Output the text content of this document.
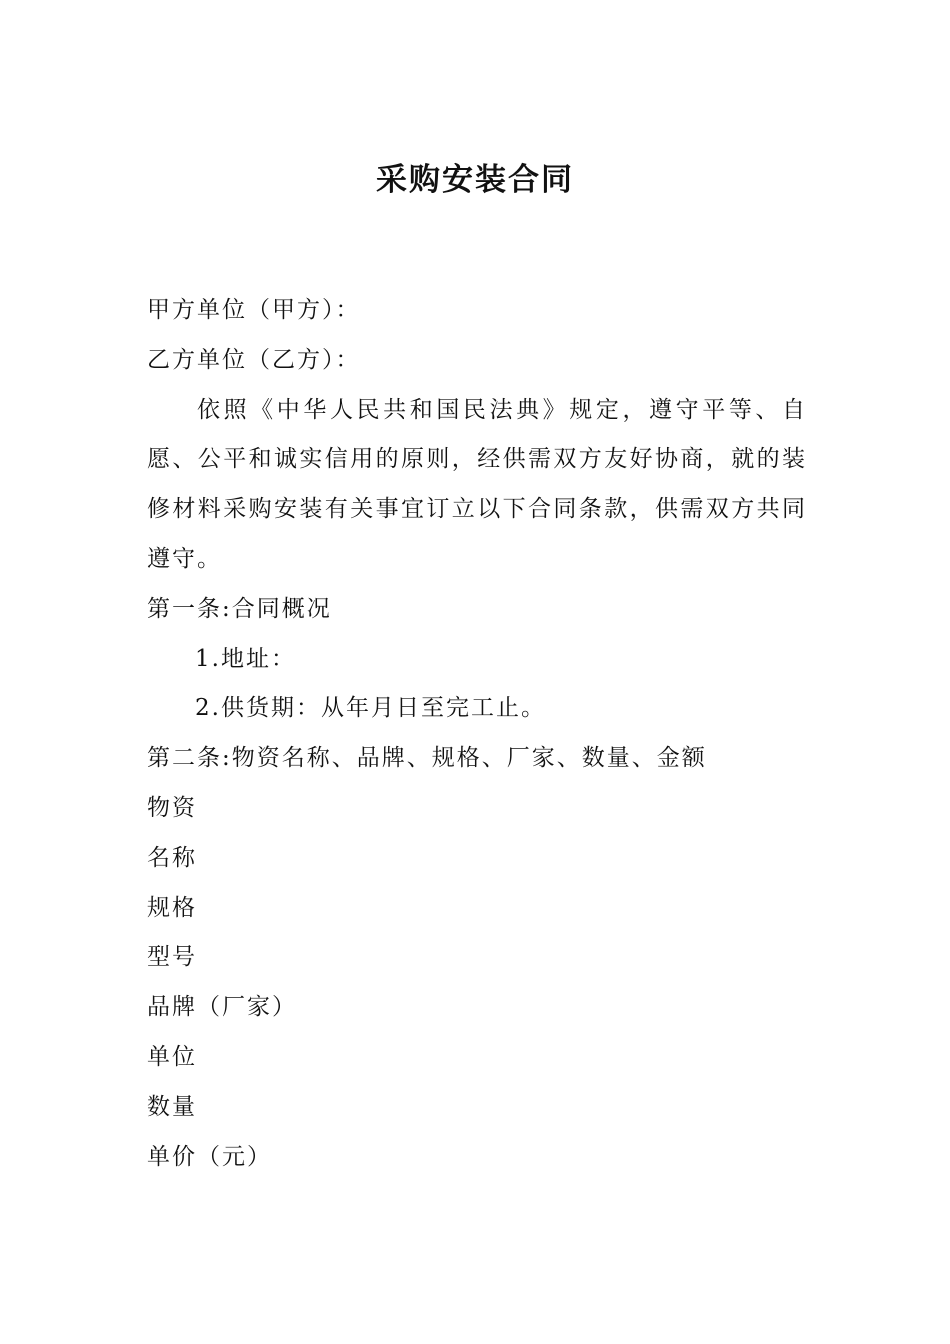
采购安装合同
甲方单位（甲方）：
乙方单位（乙方）：
依照《中华人民共和国民法典》规定，遵守平等、自愿、公平和诚实信用的原则，经供需双方友好协商，就的装修材料采购安装有关事宜订立以下合同条款，供需双方共同遵守。
第一条:合同概况
1.地址：
2.供货期：从年月日至完工止。
第二条:物资名称、品牌、规格、厂家、数量、金额
物资
名称
规格
型号
品牌（厂家）
单位
数量
单价（元）
